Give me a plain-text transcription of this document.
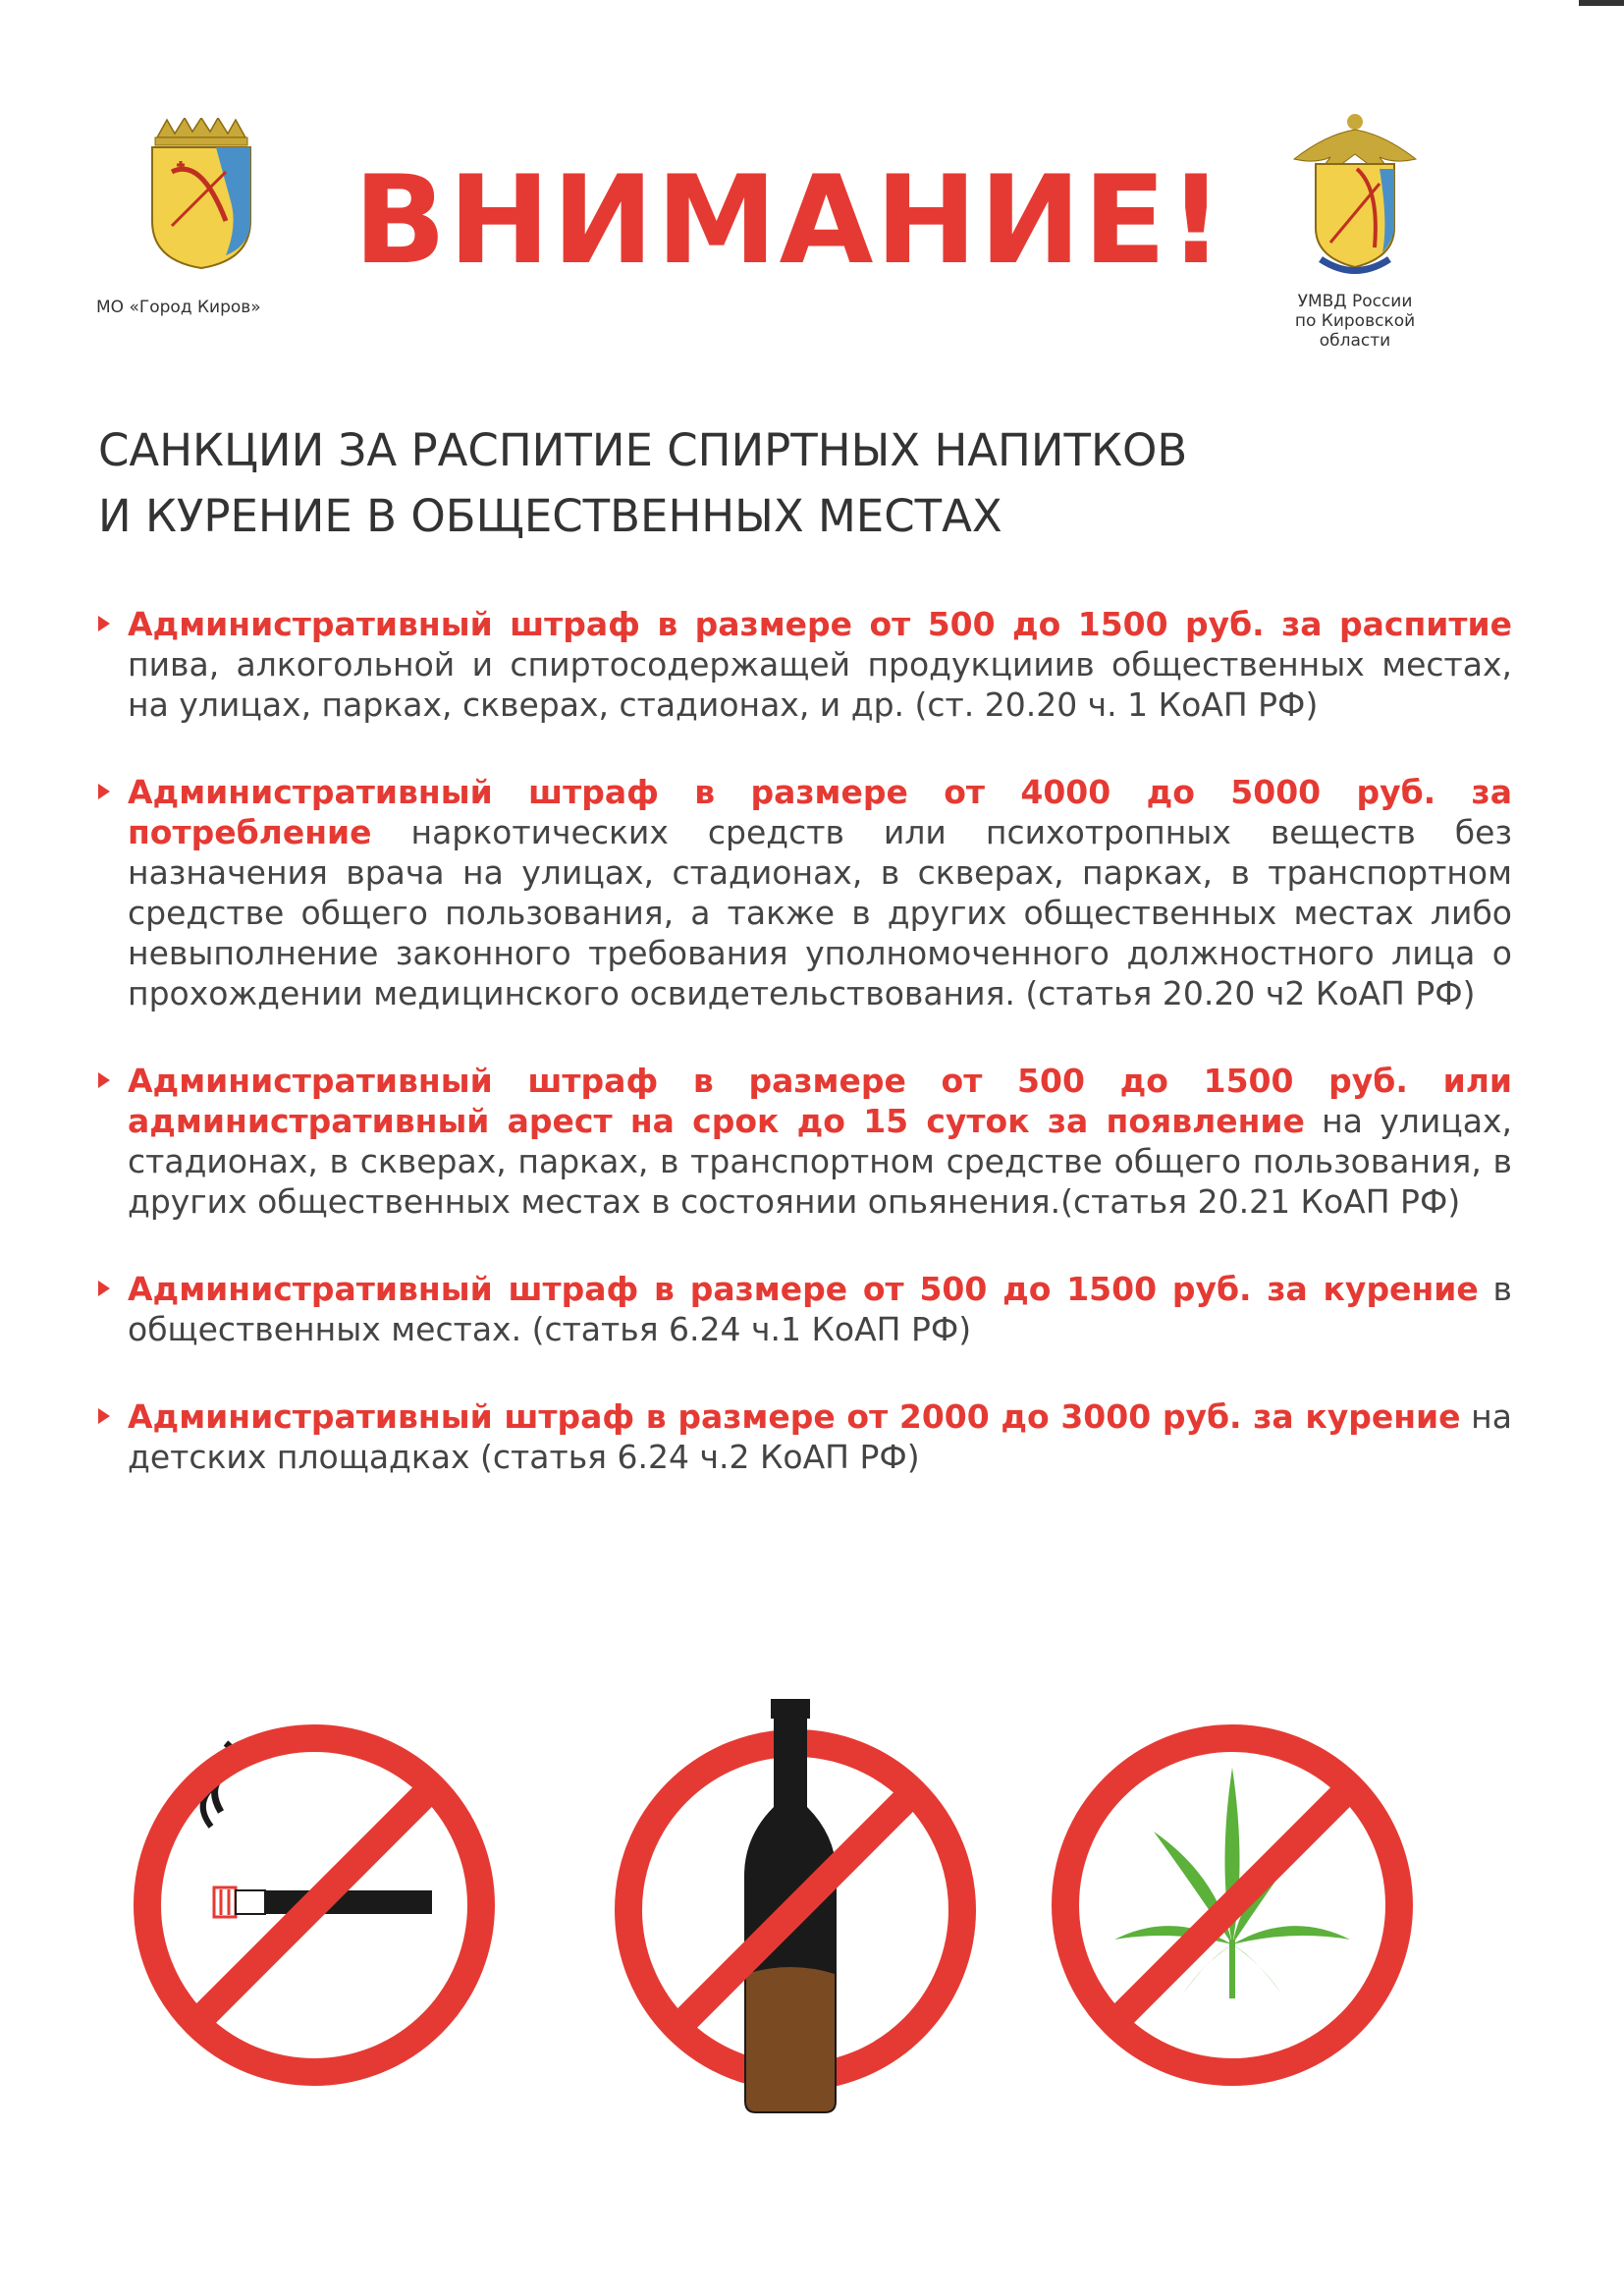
МО «Город Киров»
ВНИМАНИЕ!
УМВД России
по Кировской
области
САНКЦИИ ЗА РАСПИТИЕ СПИРТНЫХ НАПИТКОВ
И КУРЕНИЕ В ОБЩЕСТВЕННЫХ МЕСТАХ
Административный штраф в размере от 500 до 1500 руб. за распитие пива, алкогольной и спиртосодержащей продукцииив общественных местах, на улицах, парках, скверах, стадионах, и др. (ст. 20.20 ч. 1 КоАП РФ)
Административный штраф в размере от 4000 до 5000 руб. за потребление наркотических средств или психотропных веществ без назначения врача на улицах, стадионах, в скверах, парках, в транспортном средстве общего пользования, а также в других общественных местах либо невыполнение законного требования уполномоченного должностного лица о прохождении медицинского освидетельствования. (статья 20.20 ч2 КоАП РФ)
Административный штраф в размере от 500 до 1500 руб. или административный арест на срок до 15 суток за появление на улицах, стадионах, в скверах, парках, в транспортном средстве общего пользования, в других общественных местах в состоянии опьянения.(статья 20.21 КоАП РФ)
Административный штраф в размере от 500 до 1500 руб. за курение в общественных местах. (статья 6.24 ч.1 КоАП РФ)
Административный штраф в размере от 2000 до 3000 руб. за курение на детских площадках (статья 6.24 ч.2 КоАП РФ)
